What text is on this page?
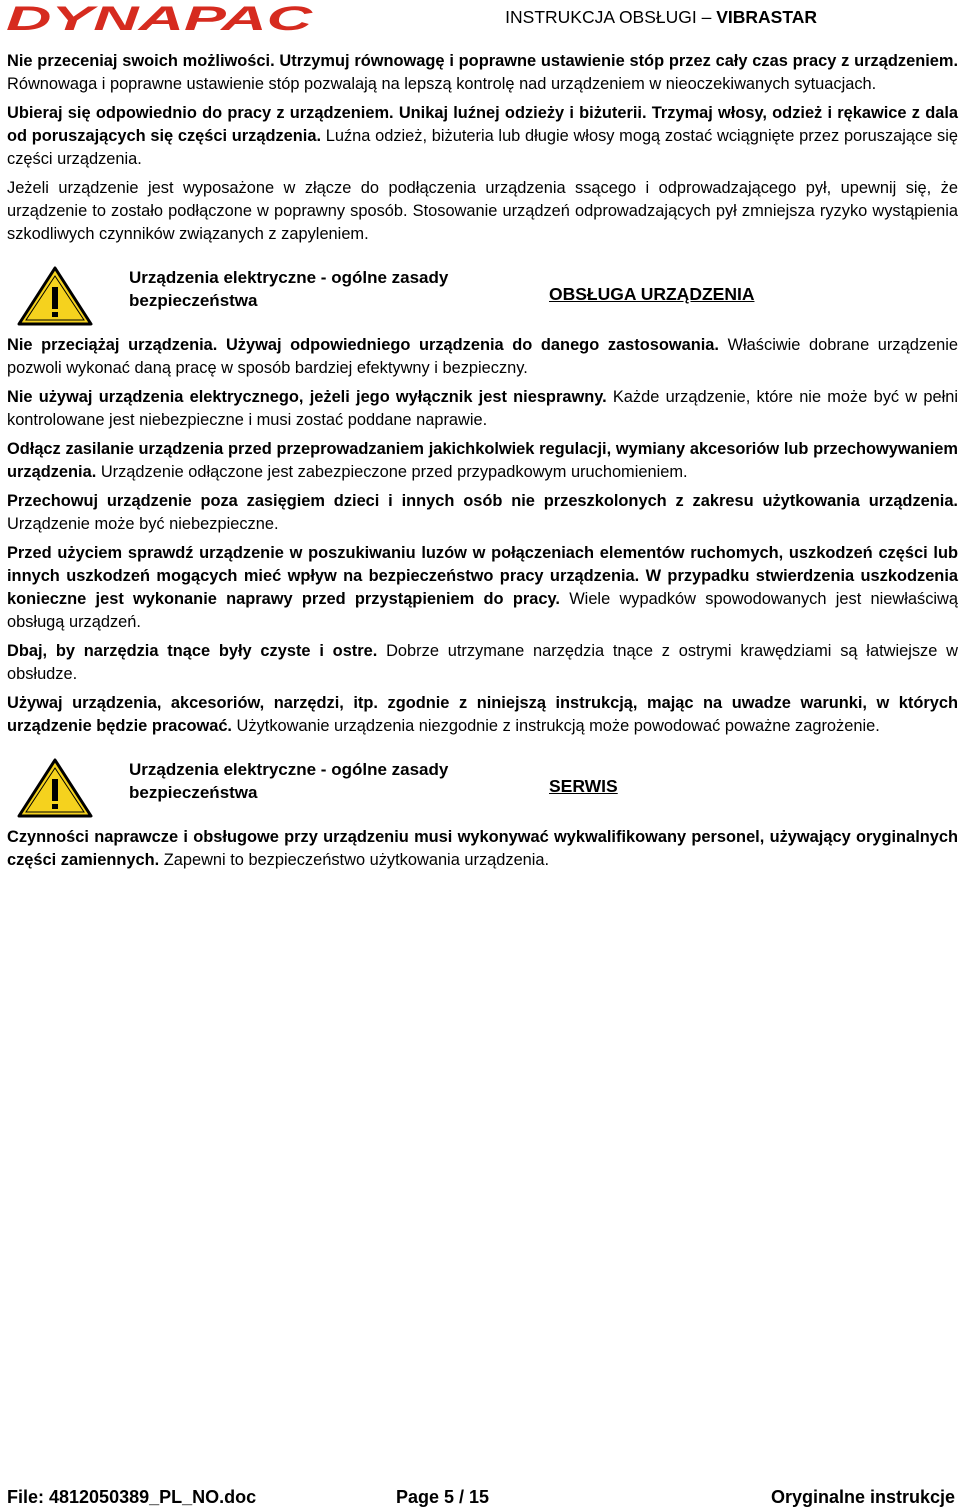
DYNAPAC	INSTRUKCJA OBSŁUGI – VIBRASTAR

Nie przeceniaj swoich możliwości. Utrzymuj równowagę i poprawne ustawienie stóp przez cały czas pracy z urządzeniem. Równowaga i poprawne ustawienie stóp pozwalają na lepszą kontrolę nad urządzeniem w nieoczekiwanych sytuacjach.

Ubieraj się odpowiednio do pracy z urządzeniem. Unikaj luźnej odzieży i biżuterii. Trzymaj włosy, odzież i rękawice z dala od poruszających się części urządzenia. Luźna odzież, biżuteria lub długie włosy mogą zostać wciągnięte przez poruszające się części urządzenia.

Jeżeli urządzenie jest wyposażone w złącze do podłączenia urządzenia ssącego i odprowadzającego pył, upewnij się, że urządzenie to zostało podłączone w poprawny sposób. Stosowanie urządzeń odprowadzających pył zmniejsza ryzyko wystąpienia szkodliwych czynników związanych z zapyleniem.

Urządzenia elektryczne - ogólne zasady bezpieczeństwa	OBSŁUGA URZĄDZENIA

Nie przeciążaj urządzenia. Używaj odpowiedniego urządzenia do danego zastosowania. Właściwie dobrane urządzenie pozwoli wykonać daną pracę w sposób bardziej efektywny i bezpieczny.

Nie używaj urządzenia elektrycznego, jeżeli jego wyłącznik jest niesprawny. Każde urządzenie, które nie może być w pełni kontrolowane jest niebezpieczne i musi zostać poddane naprawie.

Odłącz zasilanie urządzenia przed przeprowadzaniem jakichkolwiek regulacji, wymiany akcesoriów lub przechowywaniem urządzenia. Urządzenie odłączone jest zabezpieczone przed przypadkowym uruchomieniem.

Przechowuj urządzenie poza zasięgiem dzieci i innych osób nie przeszkolonych z zakresu użytkowania urządzenia. Urządzenie może być niebezpieczne.

Przed użyciem sprawdź urządzenie w poszukiwaniu luzów w połączeniach elementów ruchomych, uszkodzeń części lub innych uszkodzeń mogących mieć wpływ na bezpieczeństwo pracy urządzenia. W przypadku stwierdzenia uszkodzenia konieczne jest wykonanie naprawy przed przystąpieniem do pracy. Wiele wypadków spowodowanych jest niewłaściwą obsługą urządzeń.

Dbaj, by narzędzia tnące były czyste i ostre. Dobrze utrzymane narzędzia tnące z ostrymi krawędziami są łatwiejsze w obsłudze.

Używaj urządzenia, akcesoriów, narzędzi, itp. zgodnie z niniejszą instrukcją, mając na uwadze warunki, w których urządzenie będzie pracować. Użytkowanie urządzenia niezgodnie z instrukcją może powodować poważne zagrożenie.

Urządzenia elektryczne - ogólne zasady bezpieczeństwa	SERWIS

Czynności naprawcze i obsługowe przy urządzeniu musi wykonywać wykwalifikowany personel, używający oryginalnych części zamiennych. Zapewni to bezpieczeństwo użytkowania urządzenia.

File: 4812050389_PL_NO.doc	Page 5 / 15	Oryginalne instrukcje
